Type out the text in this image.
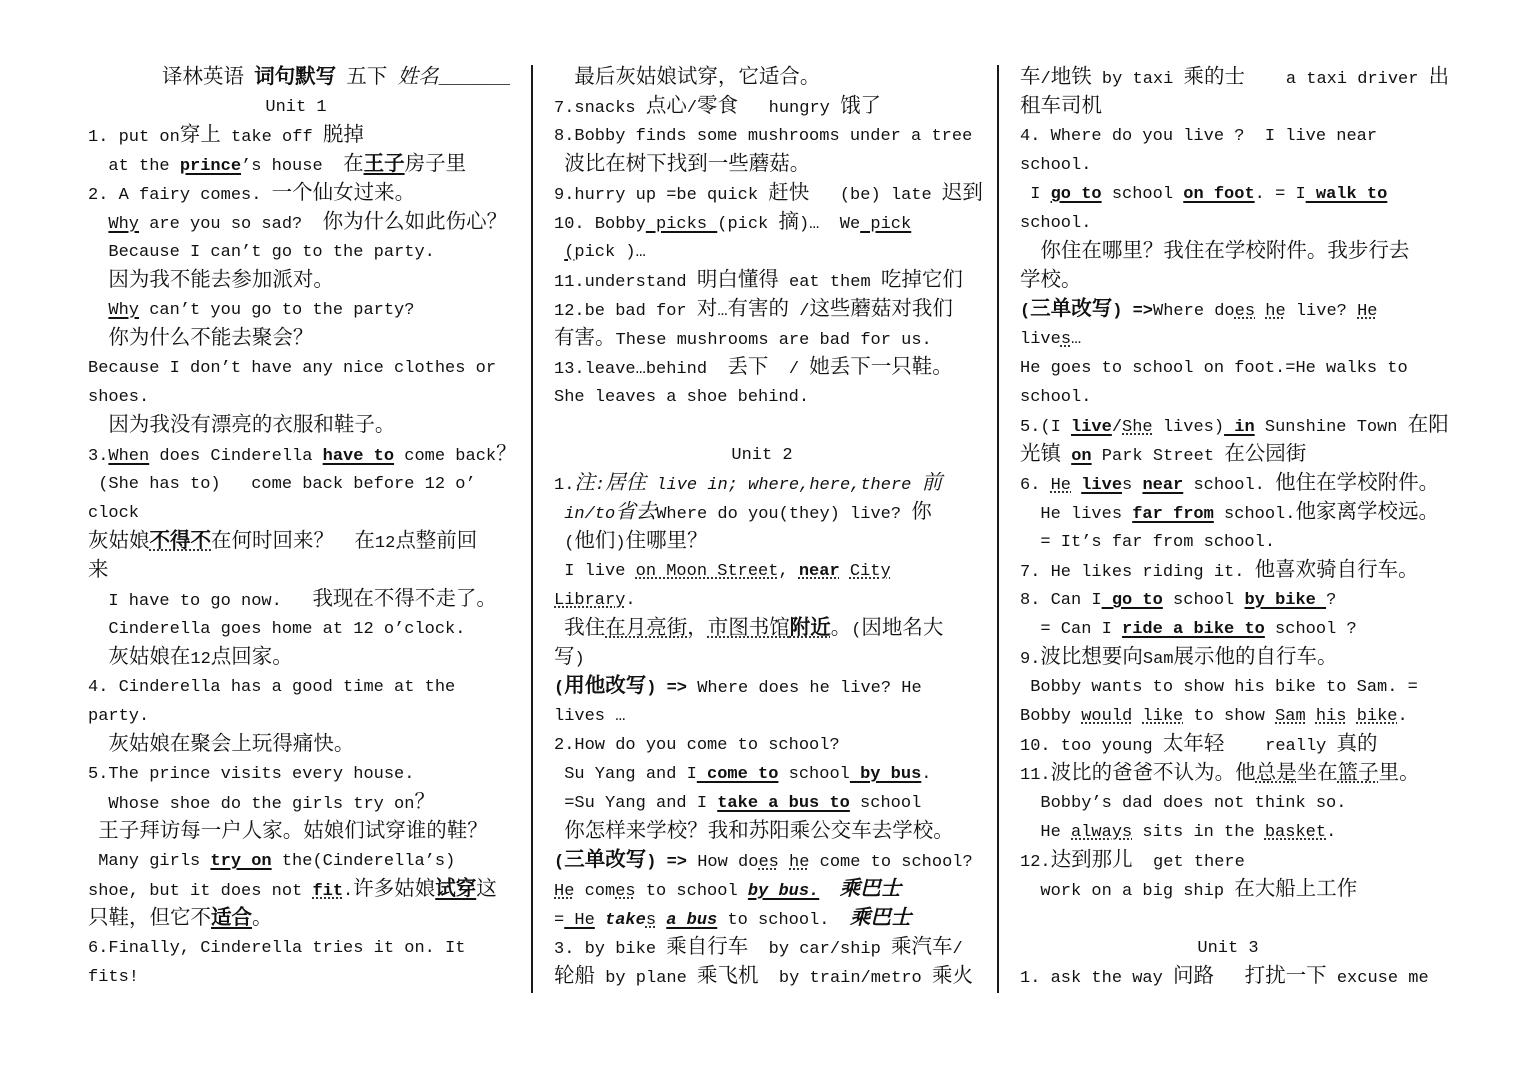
译林英语 词句默写 五下 姓名_______
Unit 1
1. put on穿上 take off 脱掉
at the prince’s house  在王子房子里
2. A fairy comes. 一个仙女过来。
Why are you so sad?  你为什么如此伤心？
Because I can’t go to the party.
因为我不能去参加派对。
Why can’t you go to the party?
你为什么不能去聚会？
Because I don’t have any nice clothes or
shoes.
因为我没有漂亮的衣服和鞋子。
3.When does Cinderella have to come back？
(She has to)   come back before 12 o’
clock
灰姑娘不得不在何时回来？ 在12点整前回
来
I have to go now.   我现在不得不走了。
Cinderella goes home at 12 o’clock.
灰姑娘在12点回家。
4. Cinderella has a good time at the
party.
灰姑娘在聚会上玩得痛快。
5.The prince visits every house.
Whose shoe do the girls try on？
王子拜访每一户人家。姑娘们试穿谁的鞋？
Many girls try on the(Cinderella’s)
shoe, but it does not fit.许多姑娘试穿这
只鞋，但它不适合。
6.Finally, Cinderella tries it on. It
fits!
最后灰姑娘试穿，它适合。
7.snacks 点心/零食   hungry 饿了
8.Bobby finds some mushrooms under a tree
波比在树下找到一些蘑菇。
9.hurry up =be quick 赶快   (be) late 迟到
10. Bobby picks (pick 摘)…  We pick
(pick )…
11.understand 明白懂得 eat them 吃掉它们
12.be bad for 对…有害的 /这些蘑菇对我们
有害。These mushrooms are bad for us.
13.leave…behind  丢下  / 她丢下一只鞋。
She leaves a shoe behind.
Unit 2
1.注:居住 live in; where,here,there 前
in/to省去Where do you(they) live? 你
(他们)住哪里？
I live on Moon Street, near City
Library.
我住在月亮街，市图书馆附近。(因地名大
写)
(用他改写) => Where does he live? He
lives …
2.How do you come to school?
Su Yang and I come to school by bus.
=Su Yang and I take a bus to school
你怎样来学校？我和苏阳乘公交车去学校。
(三单改写) => How does he come to school?
He comes to school by bus. 乘巴士
= He takes a bus to school.  乘巴士
3. by bike 乘自行车  by car/ship 乘汽车/
轮船 by plane 乘飞机  by train/metro 乘火
车/地铁 by taxi 乘的士    a taxi driver 出
租车司机
4. Where do you live ?  I live near
school.
I go to school on foot. = I walk to
school.
你住在哪里？我住在学校附件。我步行去
学校。
(三单改写) =>Where does he live? He
lives…
He goes to school on foot.=He walks to
school.
5.(I live/She lives) in Sunshine Town 在阳
光镇 on Park Street 在公园街
6. He lives near school. 他住在学校附件。
He lives far from school.他家离学校远。
= It’s far from school.
7. He likes riding it. 他喜欢骑自行车。
8. Can I go to school by bike ?
= Can I ride a bike to school ?
9.波比想要向Sam展示他的自行车。
Bobby wants to show his bike to Sam. =
Bobby would like to show Sam his bike.
10. too young 太年轻    really 真的
11.波比的爸爸不认为。他总是坐在篮子里。
Bobby’s dad does not think so.
He always sits in the basket.
12.达到那儿  get there
work on a big ship 在大船上工作
Unit 3
1. ask the way 问路 打扰一下 excuse me
